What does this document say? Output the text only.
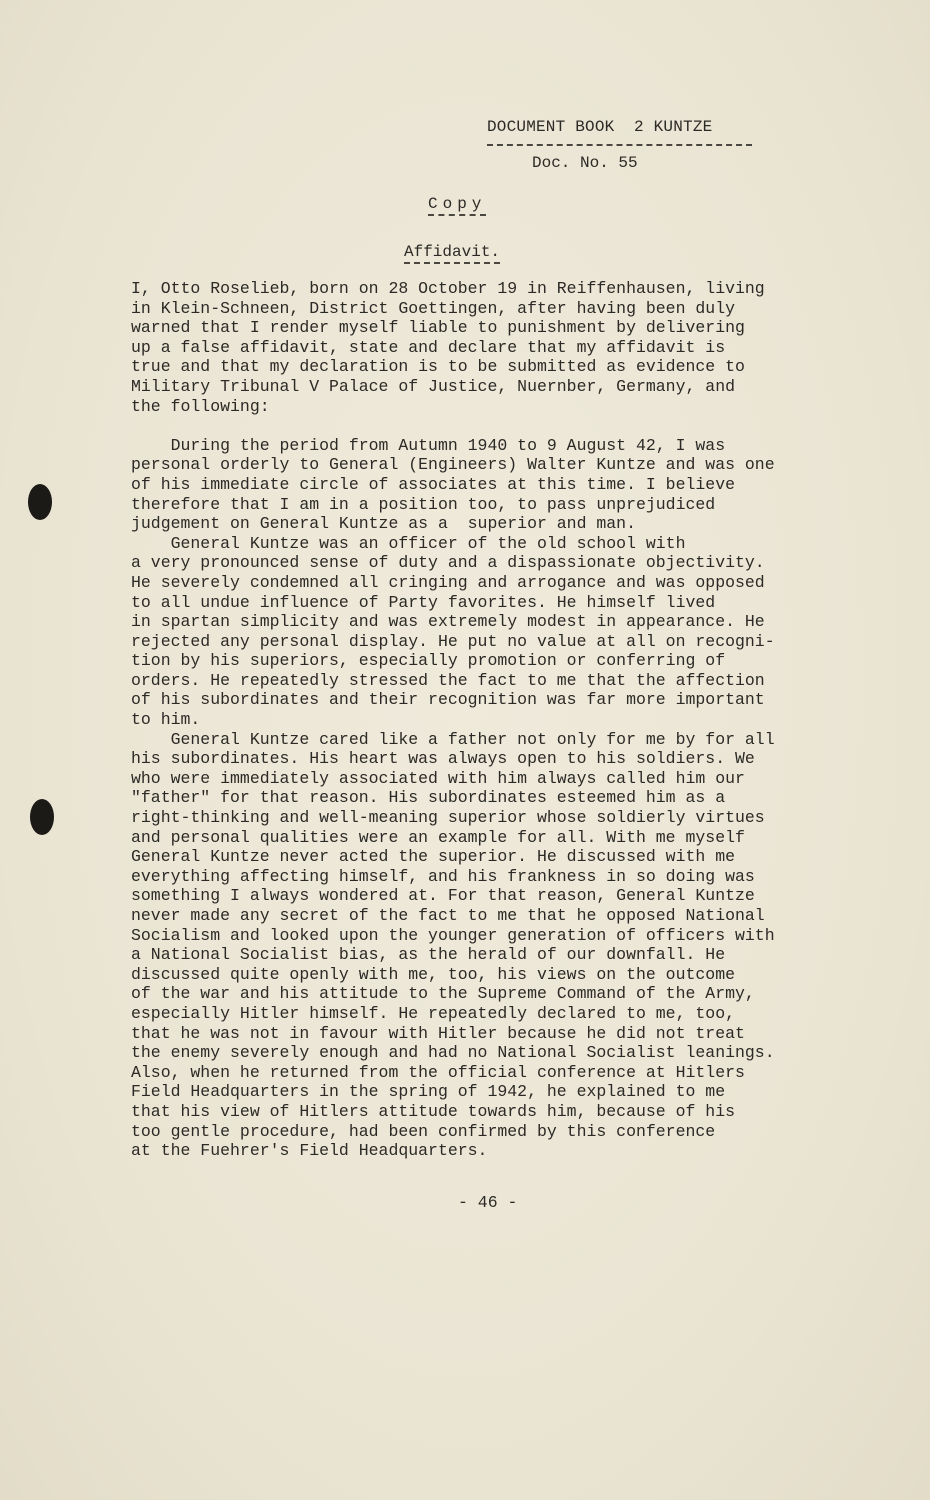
DOCUMENT BOOK  2 KUNTZE
Doc. No. 55
Copy
Affidavit.
I, Otto Roselieb, born on 28 October 19 in Reiffenhausen, living
in Klein-Schneen, District Goettingen, after having been duly
warned that I render myself liable to punishment by delivering
up a false affidavit, state and declare that my affidavit is
true and that my declaration is to be submitted as evidence to
Military Tribunal V Palace of Justice, Nuernber, Germany, and
the following:
During the period from Autumn 1940 to 9 August 42, I was
personal orderly to General (Engineers) Walter Kuntze and was one
of his immediate circle of associates at this time. I believe
therefore that I am in a position too, to pass unprejudiced
judgement on General Kuntze as a  superior and man.
General Kuntze was an officer of the old school with
a very pronounced sense of duty and a dispassionate objectivity.
He severely condemned all cringing and arrogance and was opposed
to all undue influence of Party favorites. He himself lived
in spartan simplicity and was extremely modest in appearance. He
rejected any personal display. He put no value at all on recogni-
tion by his superiors, especially promotion or conferring of
orders. He repeatedly stressed the fact to me that the affection
of his subordinates and their recognition was far more important
to him.
General Kuntze cared like a father not only for me by for all
his subordinates. His heart was always open to his soldiers. We
who were immediately associated with him always called him our
"father" for that reason. His subordinates esteemed him as a
right-thinking and well-meaning superior whose soldierly virtues
and personal qualities were an example for all. With me myself
General Kuntze never acted the superior. He discussed with me
everything affecting himself, and his frankness in so doing was
something I always wondered at. For that reason, General Kuntze
never made any secret of the fact to me that he opposed National
Socialism and looked upon the younger generation of officers with
a National Socialist bias, as the herald of our downfall. He
discussed quite openly with me, too, his views on the outcome
of the war and his attitude to the Supreme Command of the Army,
especially Hitler himself. He repeatedly declared to me, too,
that he was not in favour with Hitler because he did not treat
the enemy severely enough and had no National Socialist leanings.
Also, when he returned from the official conference at Hitlers
Field Headquarters in the spring of 1942, he explained to me
that his view of Hitlers attitude towards him, because of his
too gentle procedure, had been confirmed by this conference
at the Fuehrer's Field Headquarters.
- 46 -
